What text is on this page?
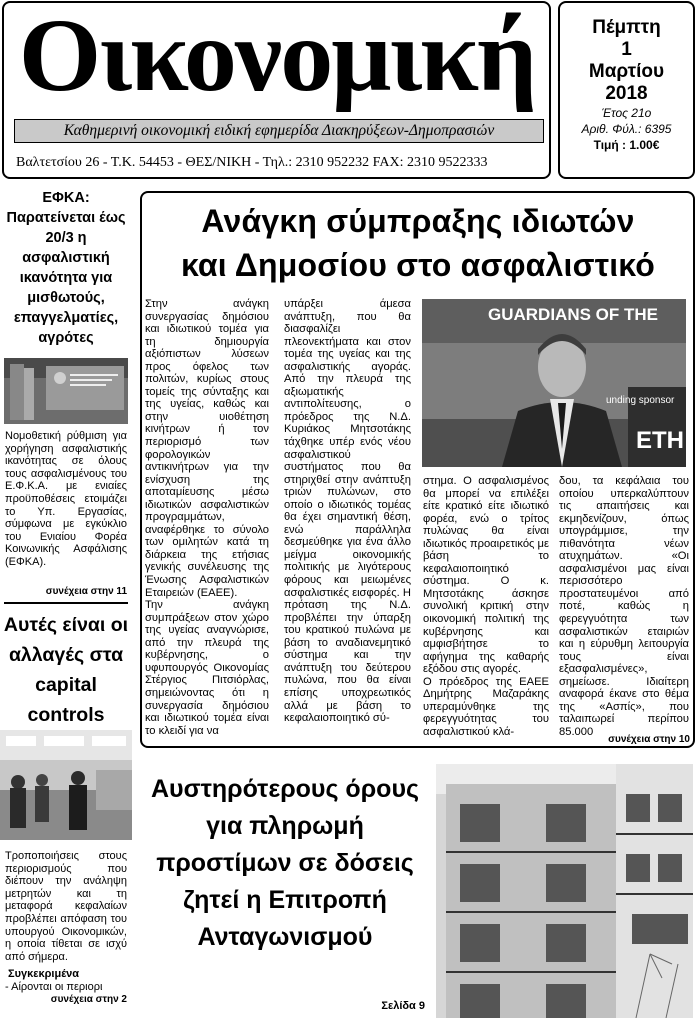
Οικονομική
Καθημερινή οικονομική ειδική εφημερίδα Διακηρύξεων-Δημοπρασιών
Βαλτετσίου 26 - Τ.Κ. 54453 - ΘΕΣ/ΝΙΚΗ - Τηλ.: 2310 952232 FAX: 2310 9522333
Πέμπτη
1
Μαρτίου
2018
Έτος 21ο
Αριθ. Φύλ.: 6395
Τιμή : 1.00€
ΕΦΚΑ: Παρατείνεται έως 20/3 η ασφαλιστική ικανότητα για μισθωτούς, επαγγελματίες, αγρότες
Νομοθετική ρύθμιση για χορήγηση ασφαλιστικής ικανότητας σε όλους τους ασφαλισμένους του Ε.Φ.Κ.Α. με ενιαίες προϋποθέσεις ετοιμάζει το Υπ. Εργασίας, σύμφωνα με εγκύκλιο του Ενιαίου Φορέα Κοινωνικής Ασφάλισης (ΕΦΚΑ).
συνέχεια στην 11
Αυτές είναι οι αλλαγές στα capital controls
Τροποποιήσεις στους περιορισμούς που διέπουν την ανάληψη μετρητών και τη μεταφορά κεφαλαίων προβλέπει απόφαση του υπουργού Οικονομικών, η οποία τίθεται σε ισχύ από σήμερα.
Συγκεκριμένα
- Αίρονται οι περιορι
συνέχεια στην 2
Ανάγκη σύμπραξης ιδιωτών
και Δημοσίου στο ασφαλιστικό
Στην ανάγκη συνεργασίας δημόσιου και ιδιωτικού τομέα για τη δημιουργία αξιόπιστων λύσεων προς όφελος των πολιτών, κυρίως στους τομείς της σύνταξης και της υγείας, καθώς και στην υιοθέτηση κινήτρων ή τον περιορισμό των φορολογικών αντικινήτρων για την ενίσχυση της αποταμίευσης μέσω ιδιωτικών ασφαλιστικών προγραμμάτων, αναφέρθηκε το σύνολο των ομιλητών κατά τη διάρκεια της ετήσιας γενικής συνέλευσης της Ένωσης Ασφαλιστικών Εταιρειών (ΕΑΕΕ).
Την ανάγκη συμπράξεων στον χώρο της υγείας αναγνώρισε, από την πλευρά της κυβέρνησης, ο υφυπουργός Οικονομίας Στέργιος Πιτσιόρλας, σημειώνοντας ότι η συνεργασία δημόσιου και ιδιωτικού τομέα είναι το κλειδί για να
υπάρξει άμεσα ανάπτυξη, που θα διασφαλίζει πλεονεκτήματα και στον τομέα της υγείας και της ασφαλιστικής αγοράς. Από την πλευρά της αξιωματικής αντιπολίτευσης, ο πρόεδρος της Ν.Δ. Κυριάκος Μητσοτάκης τάχθηκε υπέρ ενός νέου ασφαλιστικού συστήματος που θα στηριχθεί στην ανάπτυξη τριών πυλώνων, στο οποίο ο ιδιωτικός τομέας θα έχει σημαντική θέση, ενώ παράλληλα δεσμεύθηκε για ένα άλλο μείγμα οικονομικής πολιτικής με λιγότερους φόρους και μειωμένες ασφαλιστικές εισφορές. Η πρόταση της Ν.Δ. προβλέπει την ύπαρξη του κρατικού πυλώνα με βάση το αναδιανεμητικό σύστημα και την ανάπτυξη του δεύτερου πυλώνα, που θα είναι επίσης υποχρεωτικός αλλά με βάση το κεφαλαιοποιητικό σύ-
στημα. Ο ασφαλισμένος θα μπορεί να επιλέξει είτε κρατικό είτε ιδιωτικό φορέα, ενώ ο τρίτος πυλώνας θα είναι ιδιωτικός προαιρετικός με βάση το κεφαλαιοποιητικό σύστημα. Ο κ. Μητσοτάκης άσκησε συνολική κριτική στην οικονομική πολιτική της κυβέρνησης και αμφισβήτησε το αφήγημα της καθαρής εξόδου στις αγορές.
Ο πρόεδρος της ΕΑΕΕ Δημήτρης Μαζαράκης υπεραμύνθηκε της φερεγγυότητας του ασφαλιστικού κλά-
δου, τα κεφάλαια του οποίου υπερκαλύπτουν τις απαιτήσεις και εκμηδενίζουν, όπως υπογράμμισε, την πιθανότητα νέων ατυχημάτων. «Οι ασφαλισμένοι μας είναι περισσότερο προστατευμένοι από ποτέ, καθώς η φερεγγυότητα των ασφαλιστικών εταιριών και η εύρυθμη λειτουργία τους είναι εξασφαλισμένες», σημείωσε. Ιδιαίτερη αναφορά έκανε στο θέμα της «Ασπίς», που ταλαιπωρεί περίπου 85.000
συνέχεια στην 10
GUARDIANS OF THE
unding sponsor
ETH
Αυστηρότερους όρους για πληρωμή προστίμων σε δόσεις ζητεί η Επιτροπή Ανταγωνισμού
Σελίδα 9
